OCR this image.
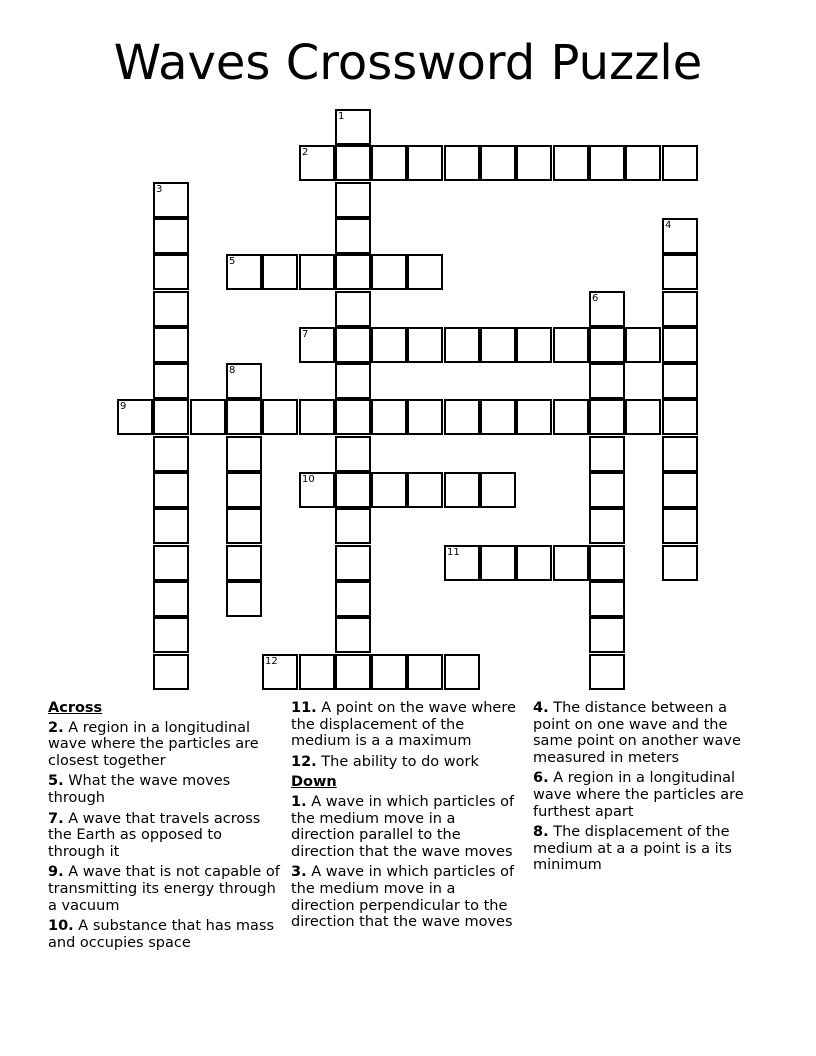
Waves Crossword Puzzle
2
5
7
9
10
11
12
1
3
4
6
8
Across
2. A region in a longitudinal wave where the particles are closest together
5. What the wave moves through
7. A wave that travels across the Earth as opposed to through it
9. A wave that is not capable of transmitting its energy through a vacuum
10. A substance that has mass and occupies space
11. A point on the wave where the displacement of the medium is a a maximum
12. The ability to do work
Down
1. A wave in which particles of the medium move in a direction parallel to the direction that the wave moves
3. A wave in which particles of the medium move in a direction perpendicular to the direction that the wave moves
4. The distance between a point on one wave and the same point on another wave measured in meters
6. A region in a longitudinal wave where the particles are furthest apart
8. The displacement of the medium at a a point is a its minimum
